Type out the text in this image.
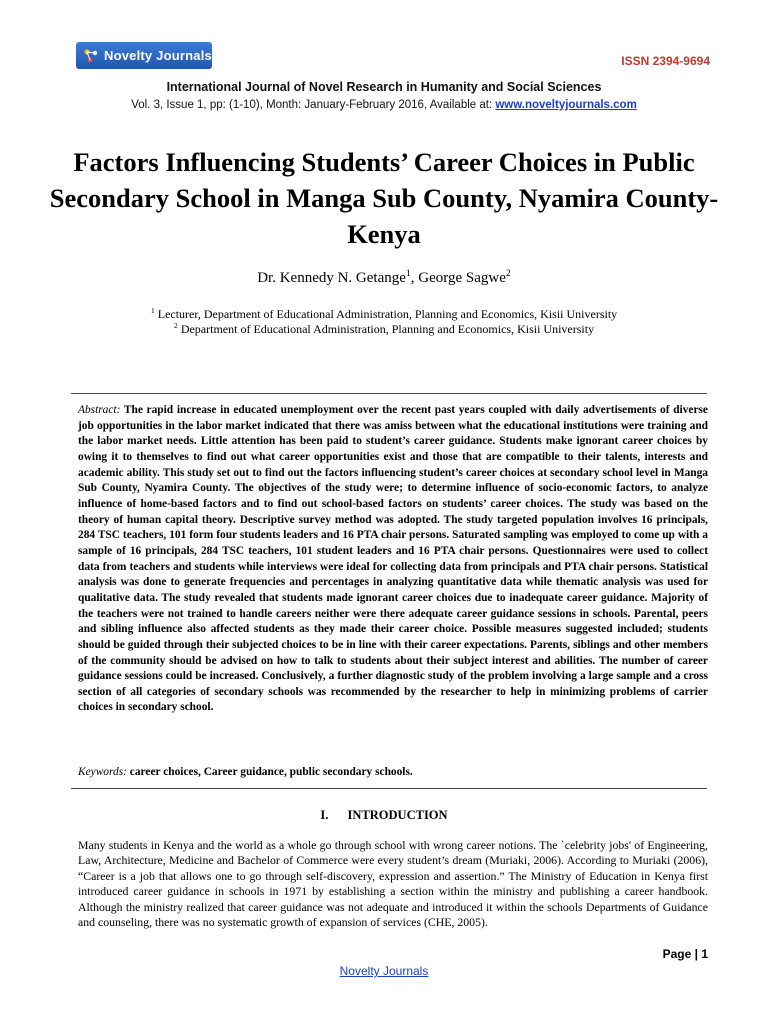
Novelty Journals	ISSN 2394-9694
International Journal of Novel Research in Humanity and Social Sciences
Vol. 3, Issue 1, pp: (1-10), Month: January-February 2016, Available at: www.noveltyjournals.com
Factors Influencing Students’ Career Choices in Public Secondary School in Manga Sub County, Nyamira County- Kenya
Dr. Kennedy N. Getange$^1$, George Sagwe$^2$
$^1$ Lecturer, Department of Educational Administration, Planning and Economics, Kisii University
$^2$ Department of Educational Administration, Planning and Economics, Kisii University
Abstract: The rapid increase in educated unemployment over the recent past years coupled with daily advertisements of diverse job opportunities in the labor market indicated that there was amiss between what the educational institutions were training and the labor market needs. Little attention has been paid to student’s career guidance. Students make ignorant career choices by owing it to themselves to find out what career opportunities exist and those that are compatible to their talents, interests and academic ability. This study set out to find out the factors influencing student’s career choices at secondary school level in Manga Sub County, Nyamira County. The objectives of the study were; to determine influence of socio-economic factors, to analyze influence of home-based factors and to find out school-based factors on students’ career choices. The study was based on the theory of human capital theory. Descriptive survey method was adopted. The study targeted population involves 16 principals, 284 TSC teachers, 101 form four students leaders and 16 PTA chair persons. Saturated sampling was employed to come up with a sample of 16 principals, 284 TSC teachers, 101 student leaders and 16 PTA chair persons. Questionnaires were used to collect data from teachers and students while interviews were ideal for collecting data from principals and PTA chair persons. Statistical analysis was done to generate frequencies and percentages in analyzing quantitative data while thematic analysis was used for qualitative data. The study revealed that students made ignorant career choices due to inadequate career guidance. Majority of the teachers were not trained to handle careers neither were there adequate career guidance sessions in schools. Parental, peers and sibling influence also affected students as they made their career choice. Possible measures suggested included; students should be guided through their subjected choices to be in line with their career expectations. Parents, siblings and other members of the community should be advised on how to talk to students about their subject interest and abilities. The number of career guidance sessions could be increased. Conclusively, a further diagnostic study of the problem involving a large sample and a cross section of all categories of secondary schools was recommended by the researcher to help in minimizing problems of carrier choices in secondary school.
Keywords: career choices, Career guidance, public secondary schools.
I. INTRODUCTION
Many students in Kenya and the world as a whole go through school with wrong career notions. The `celebrity jobs' of Engineering, Law, Architecture, Medicine and Bachelor of Commerce were every student’s dream (Muriaki, 2006). According to Muriaki (2006), “Career is a job that allows one to go through self-discovery, expression and assertion.” The Ministry of Education in Kenya first introduced career guidance in schools in 1971 by establishing a section within the ministry and publishing a career handbook. Although the ministry realized that career guidance was not adequate and introduced it within the schools Departments of Guidance and counseling, there was no systematic growth of expansion of services (CHE, 2005).
Page | 1
Novelty Journals
